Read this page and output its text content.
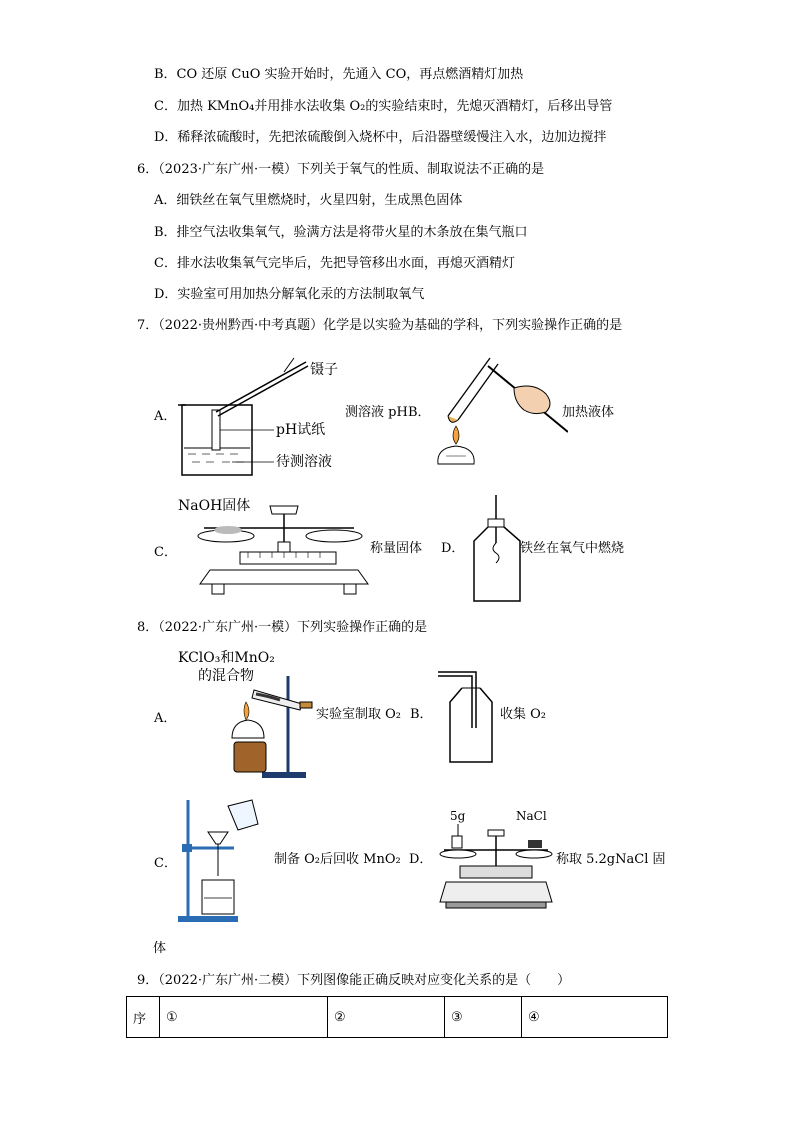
B．CO 还原 CuO 实验开始时，先通入 CO，再点燃酒精灯加热
C．加热 KMnO₄并用排水法收集 O₂的实验结束时，先熄灭酒精灯，后移出导管
D．稀释浓硫酸时，先把浓硫酸倒入烧杯中，后沿器壁缓慢注入水，边加边搅拌
6．（2023·广东广州·一模）下列关于氧气的性质、制取说法不正确的是
A．细铁丝在氧气里燃烧时，火星四射，生成黑色固体
B．排空气法收集氧气，验满方法是将带火星的木条放在集气瓶口
C．排水法收集氧气完毕后，先把导管移出水面，再熄灭酒精灯
D．实验室可用加热分解氧化汞的方法制取氧气
7．（2022·贵州黔西·中考真题）化学是以实验为基础的学科，下列实验操作正确的是
A．
镊子
pH试纸
待测溶液
测溶液 pH B．	加热液体
C．
NaOH固体
称量固体 D．	铁丝在氧气中燃烧
8．（2022·广东广州·一模）下列实验操作正确的是
A．
KClO₃和MnO₂
的混合物
实验室制取 O₂ B．	收集 O₂
C．	制备 O₂后回收 MnO₂ D．
5g	NaCl
称取 5.2gNaCl 固
体
9．（2022·广东广州·二模）下列图像能正确反映对应变化关系的是（　　）
序	①	②	③	④
